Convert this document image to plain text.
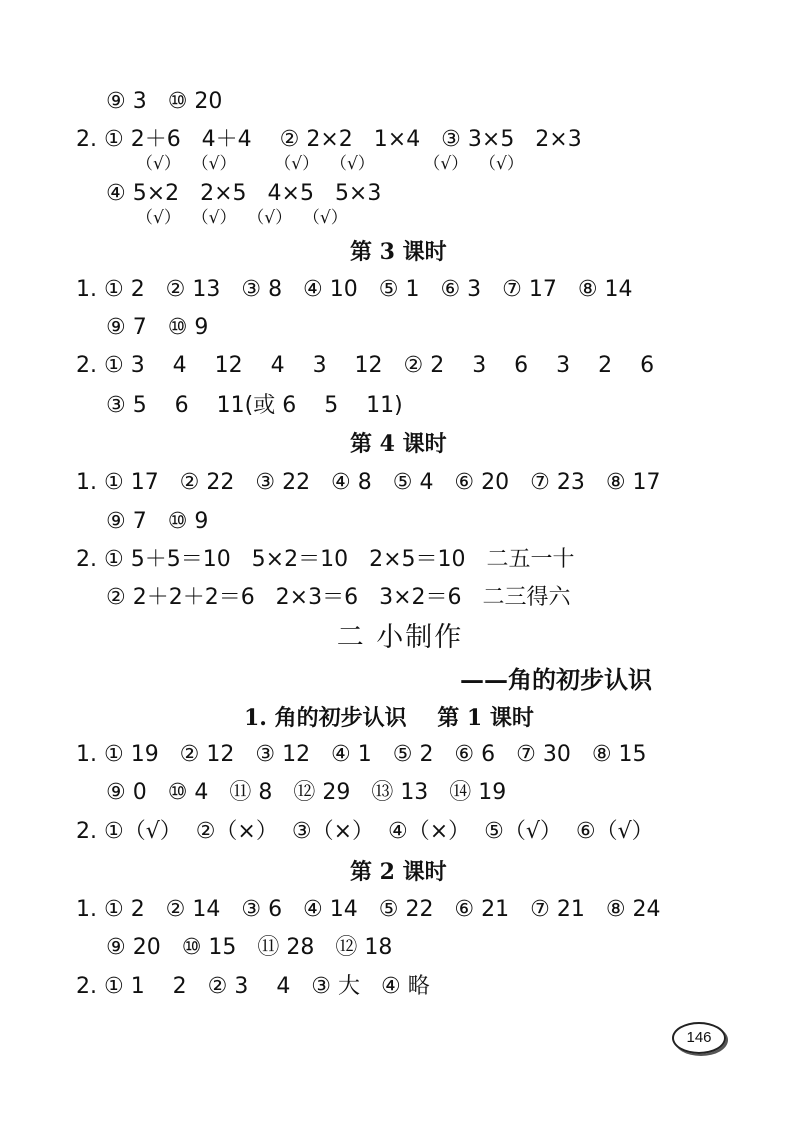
⑨ 3   ⑩ 20
2. ① 2＋6   4＋4    ② 2×2   1×4   ③ 3×5   2×3
（√）  （√）       （√）  （√）         （√）  （√）
④ 5×2   2×5   4×5   5×3
（√）  （√）  （√）  （√）
第 3 课时
1. ① 2   ② 13   ③ 8   ④ 10   ⑤ 1   ⑥ 3   ⑦ 17   ⑧ 14
⑨ 7   ⑩ 9
2. ① 3    4    12    4    3    12   ② 2    3    6    3    2    6
③ 5    6    11(或 6    5    11)
第 4 课时
1. ① 17   ② 22   ③ 22   ④ 8   ⑤ 4   ⑥ 20   ⑦ 23   ⑧ 17
⑨ 7   ⑩ 9
2. ① 5＋5＝10   5×2＝10   2×5＝10   二五一十
② 2＋2＋2＝6   2×3＝6   3×2＝6   二三得六
二 小制作
——角的初步认识
1. 角的初步认识    第 1 课时
1. ① 19   ② 12   ③ 12   ④ 1   ⑤ 2   ⑥ 6   ⑦ 30   ⑧ 15
⑨ 0   ⑩ 4   ⑪ 8   ⑫ 29   ⑬ 13   ⑭ 19
2. ①（√）  ②（×）  ③（×）  ④（×）  ⑤（√）  ⑥（√）
第 2 课时
1. ① 2   ② 14   ③ 6   ④ 14   ⑤ 22   ⑥ 21   ⑦ 21   ⑧ 24
⑨ 20   ⑩ 15   ⑪ 28   ⑫ 18
2. ① 1    2   ② 3    4   ③ 大   ④ 略
146
